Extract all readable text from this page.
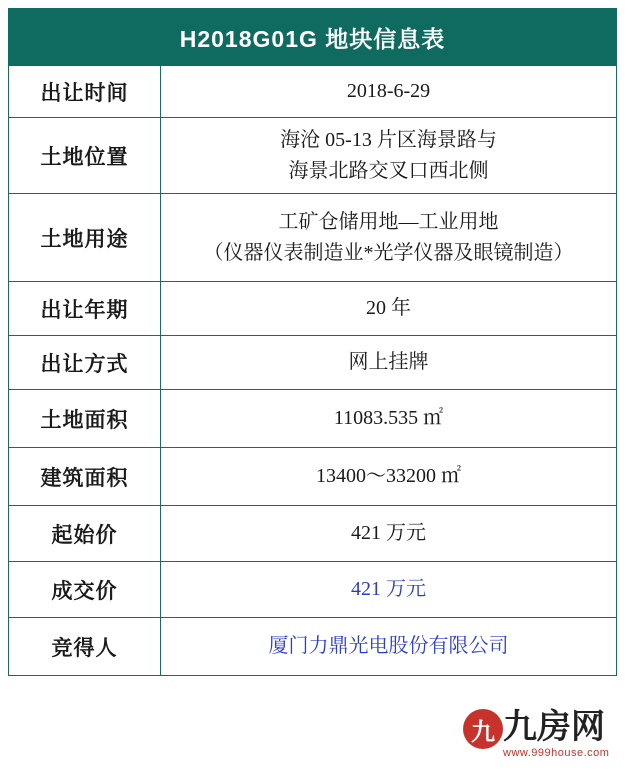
H2018G01G 地块信息表	
出让时间	2018-6-29

土地位置	海沧 05-13 片区海景路与
海景北路交叉口西北侧

土地用途	工矿仓储用地—工业用地
（仪器仪表制造业*光学仪器及眼镜制造）

出让年期	20 年

出让方式	网上挂牌

土地面积	11083.535 ㎡

建筑面积	13400～33200 ㎡

起始价	421 万元

成交价	421 万元

竞得人	厦门力鼎光电股份有限公司
九 九房网
www.999house.com
